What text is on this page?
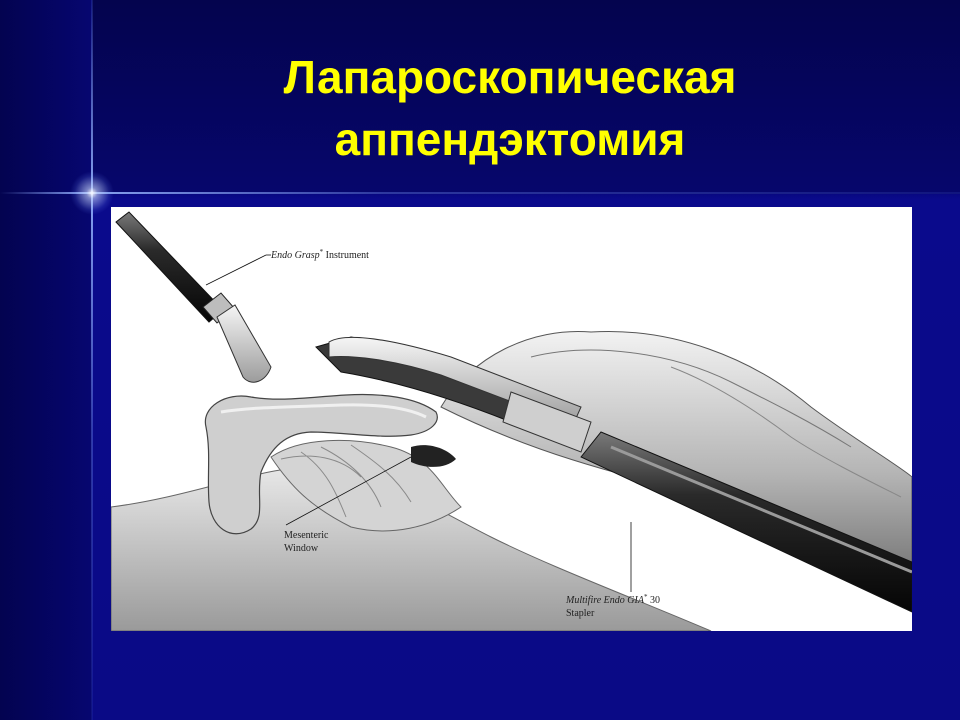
Лапароскопическая
аппендэктомия
Endo Grasp* Instrument
Mesenteric
Window
Multifire Endo GIA* 30
Stapler
